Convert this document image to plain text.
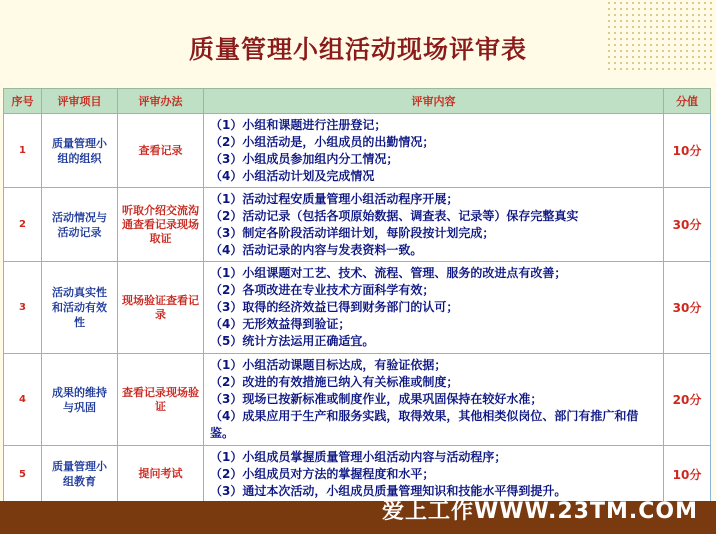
质量管理小组活动现场评审表
序号	评审项目	评审办法	评审内容	分值
1	质量管理小组的组织	查看记录	（1）小组和课题进行注册登记；
（2）小组活动是，小组成员的出勤情况；
（3）小组成员参加组内分工情况；
（4）小组活动计划及完成情况	10分
2	活动情况与活动记录	听取介绍交流沟通查看记录现场取证	（1）活动过程安质量管理小组活动程序开展；
（2）活动记录（包括各项原始数据、调查表、记录等）保存完整真实
（3）制定各阶段活动详细计划，每阶段按计划完成；
（4）活动记录的内容与发表资料一致。	30分
3	活动真实性和活动有效性	现场验证查看记录	（1）小组课题对工艺、技术、流程、管理、服务的改进点有改善；
（2）各项改进在专业技术方面科学有效；
（3）取得的经济效益已得到财务部门的认可；
（4）无形效益得到验证；
（5）统计方法运用正确适宜。	30分
4	成果的维持与巩固	查看记录现场验证	（1）小组活动课题目标达成，有验证依据；
（2）改进的有效措施已纳入有关标准或制度；
（3）现场已按新标准或制度作业，成果巩固保持在较好水准；
（4）成果应用于生产和服务实践，取得效果，其他相类似岗位、部门有推广和借鉴。	20分
5	质量管理小组教育	提问考试	（1）小组成员掌握质量管理小组活动内容与活动程序；
（2）小组成员对方法的掌握程度和水平；
（3）通过本次活动，小组成员质量管理知识和技能水平得到提升。	10分
爱上工作WWW.23TM.COM
